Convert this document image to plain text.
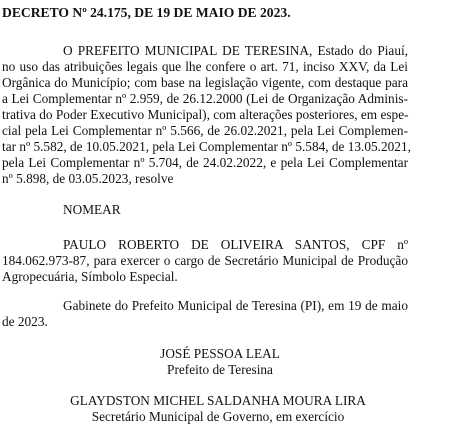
DECRETO Nº 24.175, DE 19 DE MAIO DE 2023.
O PREFEITO MUNICIPAL DE TERESINA, Estado do Piauí,
no uso das atribuições legais que lhe confere o art. 71, inciso XXV, da Lei
Orgânica do Município; com base na legislação vigente, com destaque para
a Lei Complementar nº 2.959, de 26.12.2000 (Lei de Organização Adminis-
trativa do Poder Executivo Municipal), com alterações posteriores, em espe-
cial pela Lei Complementar nº 5.566, de 26.02.2021, pela Lei Complemen-
tar nº 5.582, de 10.05.2021, pela Lei Complementar nº 5.584, de 13.05.2021,
pela Lei Complementar nº 5.704, de 24.02.2022, e pela Lei Complementar
nº 5.898, de 03.05.2023, resolve
NOMEAR
PAULO ROBERTO DE OLIVEIRA SANTOS, CPF nº
184.062.973-87, para exercer o cargo de Secretário Municipal de Produção
Agropecuária, Símbolo Especial.
Gabinete do Prefeito Municipal de Teresina (PI), em 19 de maio
de 2023.
JOSÉ PESSOA LEAL
Prefeito de Teresina
GLAYDSTON MICHEL SALDANHA MOURA LIRA
Secretário Municipal de Governo, em exercício
